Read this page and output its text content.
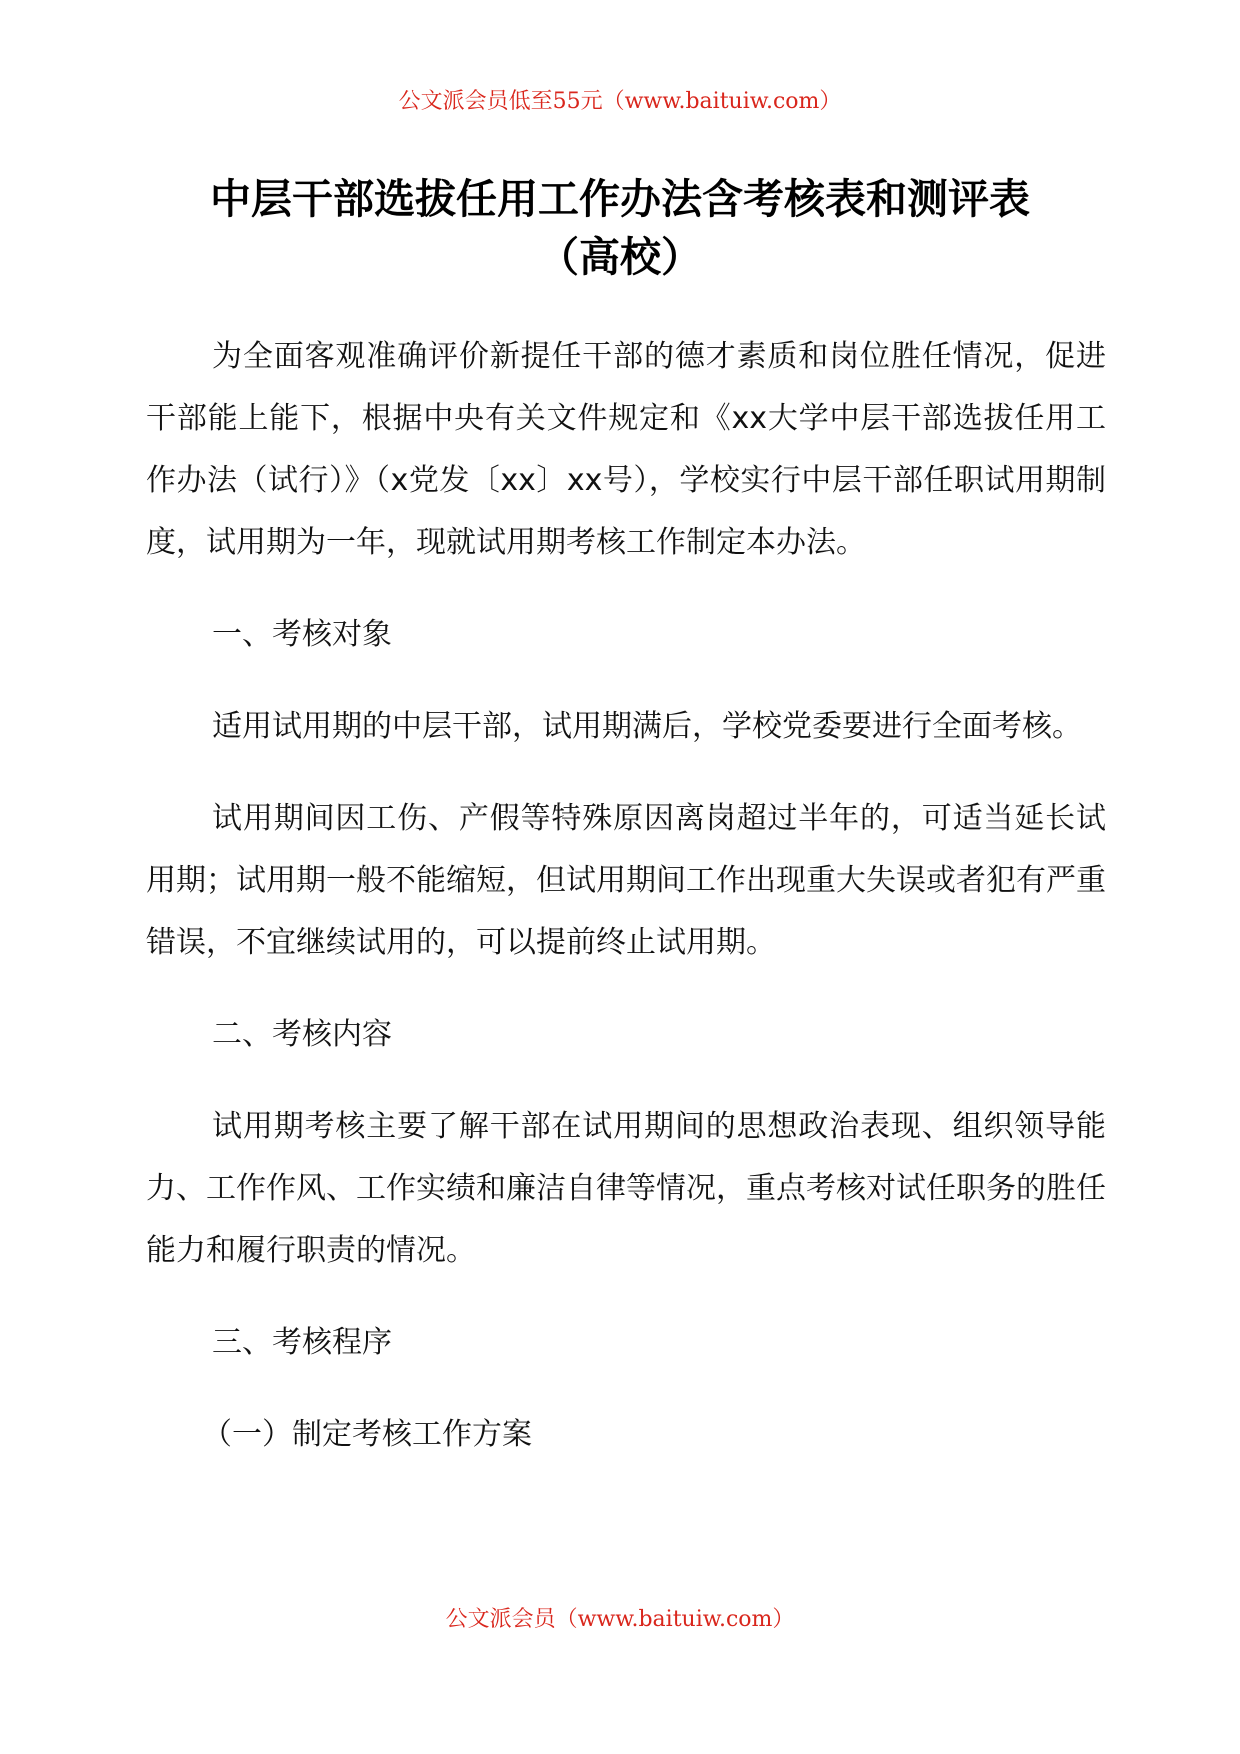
公文派会员低至55元（www.baituiw.com）
中层干部选拔任用工作办法含考核表和测评表
（高校）

为全面客观准确评价新提任干部的德才素质和岗位胜任情况，促进干部能上能下，根据中央有关文件规定和《xx大学中层干部选拔任用工作办法（试行）》（x党发〔xx〕xx号），学校实行中层干部任职试用期制度，试用期为一年，现就试用期考核工作制定本办法。

一、考核对象

适用试用期的中层干部，试用期满后，学校党委要进行全面考核。

试用期间因工伤、产假等特殊原因离岗超过半年的，可适当延长试用期；试用期一般不能缩短，但试用期间工作出现重大失误或者犯有严重错误，不宜继续试用的，可以提前终止试用期。

二、考核内容

试用期考核主要了解干部在试用期间的思想政治表现、组织领导能力、工作作风、工作实绩和廉洁自律等情况，重点考核对试任职务的胜任能力和履行职责的情况。

三、考核程序

（一）制定考核工作方案

公文派会员（www.baituiw.com）
